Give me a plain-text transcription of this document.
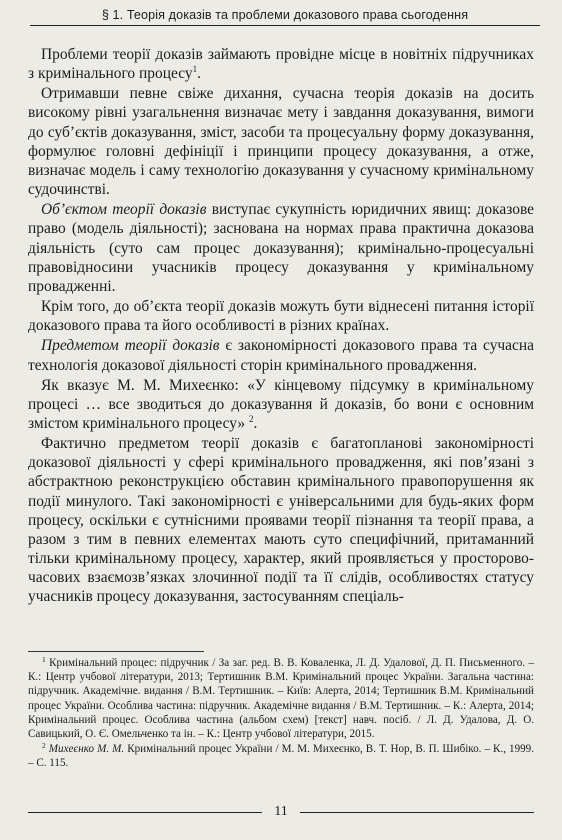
§ 1. Теорія доказів та проблеми доказового права сьогодення

Проблеми теорії доказів займають провідне місце в новітніх підручниках з кримінального процесу$^1$.

Отримавши певне свіже дихання, сучасна теорія доказів на досить високому рівні узагальнення визначає мету і завдання доказування, вимоги до суб’єктів доказування, зміст, засоби та процесуальну форму доказування, формулює головні дефініції і принципи процесу доказування, а отже, визначає модель і саму технологію доказування у сучасному кримінальному судочинстві.

Об’єктом теорії доказів виступає сукупність юридичних явищ: доказове право (модель діяльності); заснована на нормах права практична доказова діяльність (суто сам процес доказування); кримінально-процесуальні правовідносини учасників процесу доказування у кримінальному провадженні.

Крім того, до об’єкта теорії доказів можуть бути віднесені питання історії доказового права та його особливості в різних країнах.

Предметом теорії доказів є закономірності доказового права та сучасна технологія доказової діяльності сторін кримінального провадження.

Як вказує М. М. Михеєнко: «У кінцевому підсумку в кримінальному процесі … все зводиться до доказування й доказів, бо вони є основним змістом кримінального процесу» $^2$.

Фактично предметом теорії доказів є багатопланові закономірності доказової діяльності у сфері кримінального провадження, які пов’язані з абстрактною реконструкцією обставин кримінального правопорушення як події минулого. Такі закономірності є універсальними для будь-яких форм процесу, оскільки є сутнісними проявами теорії пізнання та теорії права, а разом з тим в певних елементах мають суто специфічний, притаманний тільки кримінальному процесу, характер, який проявляється у просторово-часових взаємозв’язках злочинної події та її слідів, особливостях статусу учасників процесу доказування, застосуванням спеціаль-

$^1$ Кримінальний процес: підручник / За заг. ред. В. В. Коваленка, Л. Д. Удалової, Д. П. Письменного. – К.: Центр учбової літератури, 2013; Тертишник В.М. Кримінальний процес України. Загальна частина: підручник. Академічне. видання / В.М. Тертишник. – Київ: Алерта, 2014; Тертишник В.М. Кримінальний процес України. Особлива частина: підручник. Академічне видання / В.М. Тертишник. – К.: Алерта, 2014; Кримінальний процес. Особлива частина (альбом схем) [текст] навч. посіб. / Л. Д. Удалова, Д. О. Савицький, О. Є. Омельченко та ін. – К.: Центр учбової літератури, 2015.

$^2$ Михеєнко М. М. Кримінальний процес України / М. М. Михеєнко, В. Т. Нор, В. П. Шибіко. – К., 1999. – С. 115.

11
